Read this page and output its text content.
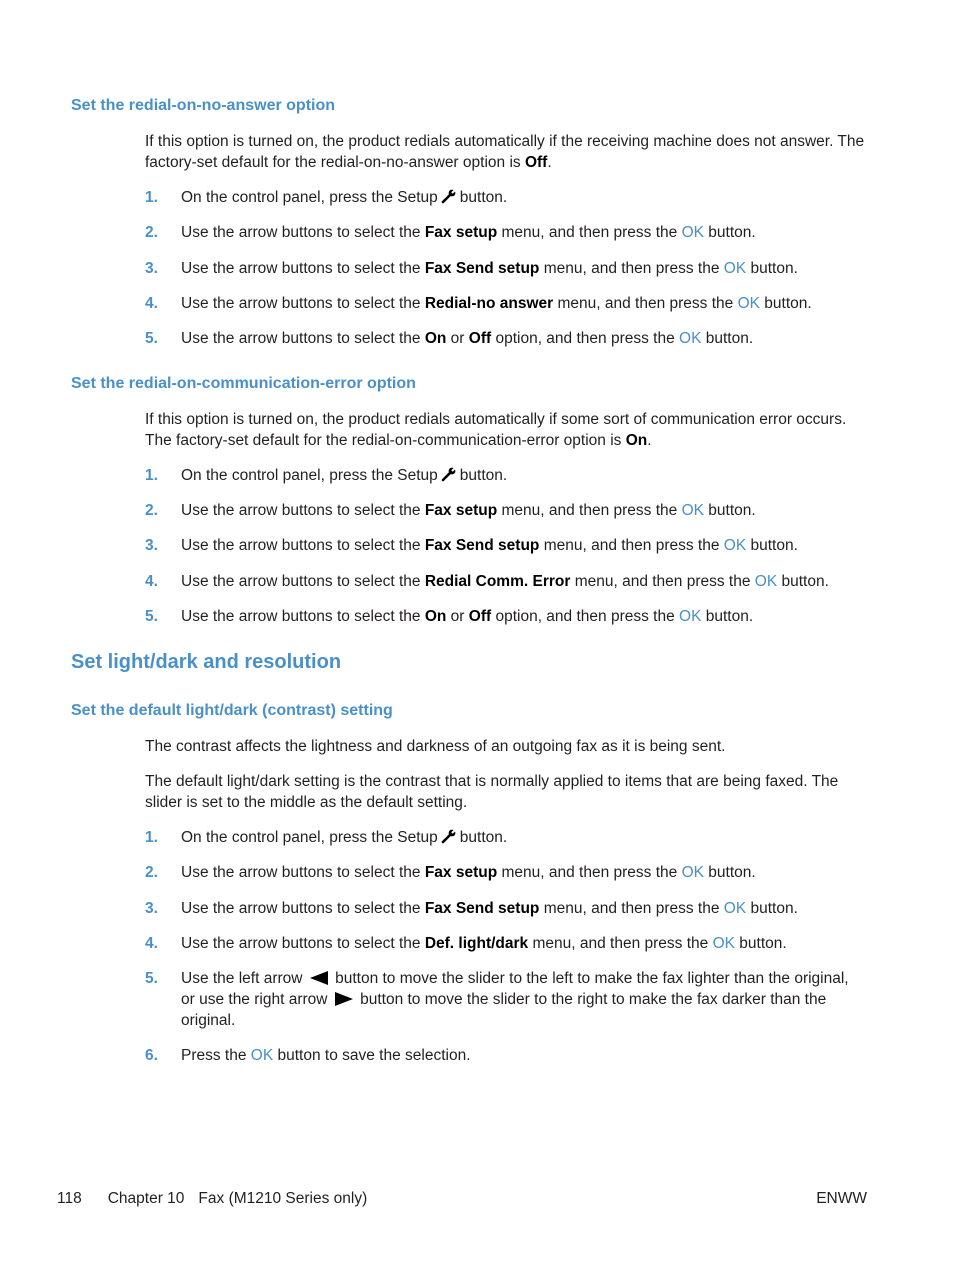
Set the redial-on-no-answer option

If this option is turned on, the product redials automatically if the receiving machine does not answer. The factory-set default for the redial-on-no-answer option is Off.

1. On the control panel, press the Setup button.
2. Use the arrow buttons to select the Fax setup menu, and then press the OK button.
3. Use the arrow buttons to select the Fax Send setup menu, and then press the OK button.
4. Use the arrow buttons to select the Redial-no answer menu, and then press the OK button.
5. Use the arrow buttons to select the On or Off option, and then press the OK button.
Set the redial-on-communication-error option

If this option is turned on, the product redials automatically if some sort of communication error occurs. The factory-set default for the redial-on-communication-error option is On.

1. On the control panel, press the Setup button.
2. Use the arrow buttons to select the Fax setup menu, and then press the OK button.
3. Use the arrow buttons to select the Fax Send setup menu, and then press the OK button.
4. Use the arrow buttons to select the Redial Comm. Error menu, and then press the OK button.
5. Use the arrow buttons to select the On or Off option, and then press the OK button.
Set light/dark and resolution
Set the default light/dark (contrast) setting

The contrast affects the lightness and darkness of an outgoing fax as it is being sent.

The default light/dark setting is the contrast that is normally applied to items that are being faxed. The slider is set to the middle as the default setting.

1. On the control panel, press the Setup button.
2. Use the arrow buttons to select the Fax setup menu, and then press the OK button.
3. Use the arrow buttons to select the Fax Send setup menu, and then press the OK button.
4. Use the arrow buttons to select the Def. light/dark menu, and then press the OK button.
5. Use the left arrow button to move the slider to the left to make the fax lighter than the original, or use the right arrow button to move the slider to the right to make the fax darker than the original.
6. Press the OK button to save the selection.
118 Chapter 10 Fax (M1210 Series only)	ENWW
